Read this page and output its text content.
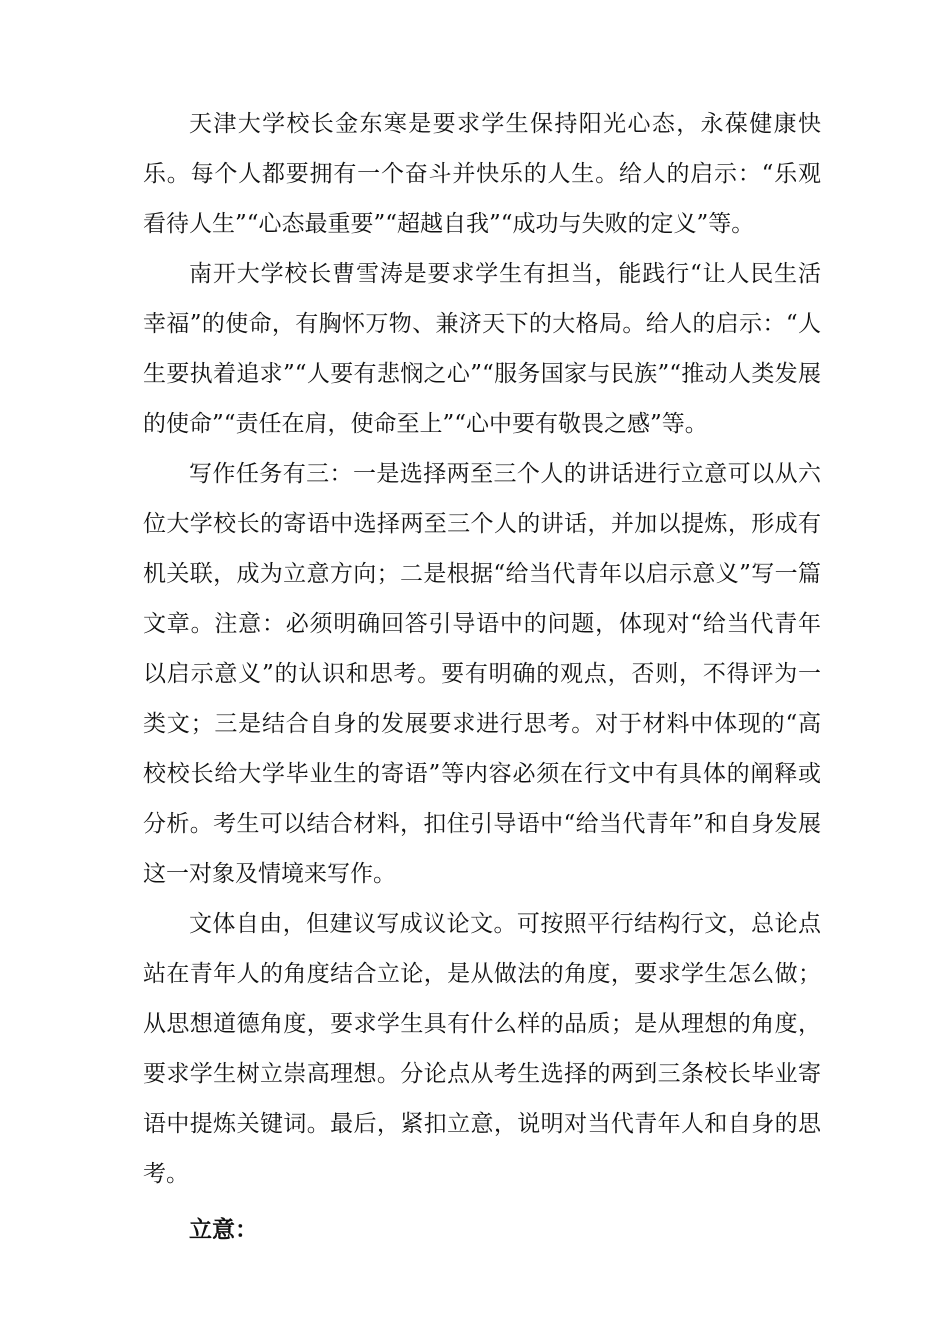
天津大学校长金东寒是要求学生保持阳光心态，永葆健康快乐。每个人都要拥有一个奋斗并快乐的人生。给人的启示：“乐观看待人生”“心态最重要”“超越自我”“成功与失败的定义”等。

南开大学校长曹雪涛是要求学生有担当，能践行“让人民生活幸福”的使命，有胸怀万物、兼济天下的大格局。给人的启示：“人生要执着追求”“人要有悲悯之心”“服务国家与民族”“推动人类发展的使命”“责任在肩，使命至上”“心中要有敬畏之感”等。

写作任务有三：一是选择两至三个人的讲话进行立意可以从六位大学校长的寄语中选择两至三个人的讲话，并加以提炼，形成有机关联，成为立意方向；二是根据“给当代青年以启示意义”写一篇文章。注意：必须明确回答引导语中的问题，体现对“给当代青年以启示意义”的认识和思考。要有明确的观点，否则，不得评为一类文；三是结合自身的发展要求进行思考。对于材料中体现的“高校校长给大学毕业生的寄语”等内容必须在行文中有具体的阐释或分析。考生可以结合材料，扣住引导语中“给当代青年”和自身发展这一对象及情境来写作。

文体自由，但建议写成议论文。可按照平行结构行文，总论点站在青年人的角度结合立论，是从做法的角度，要求学生怎么做；从思想道德角度，要求学生具有什么样的品质；是从理想的角度，要求学生树立崇高理想。分论点从考生选择的两到三条校长毕业寄语中提炼关键词。最后，紧扣立意，说明对当代青年人和自身的思考。

立意：
